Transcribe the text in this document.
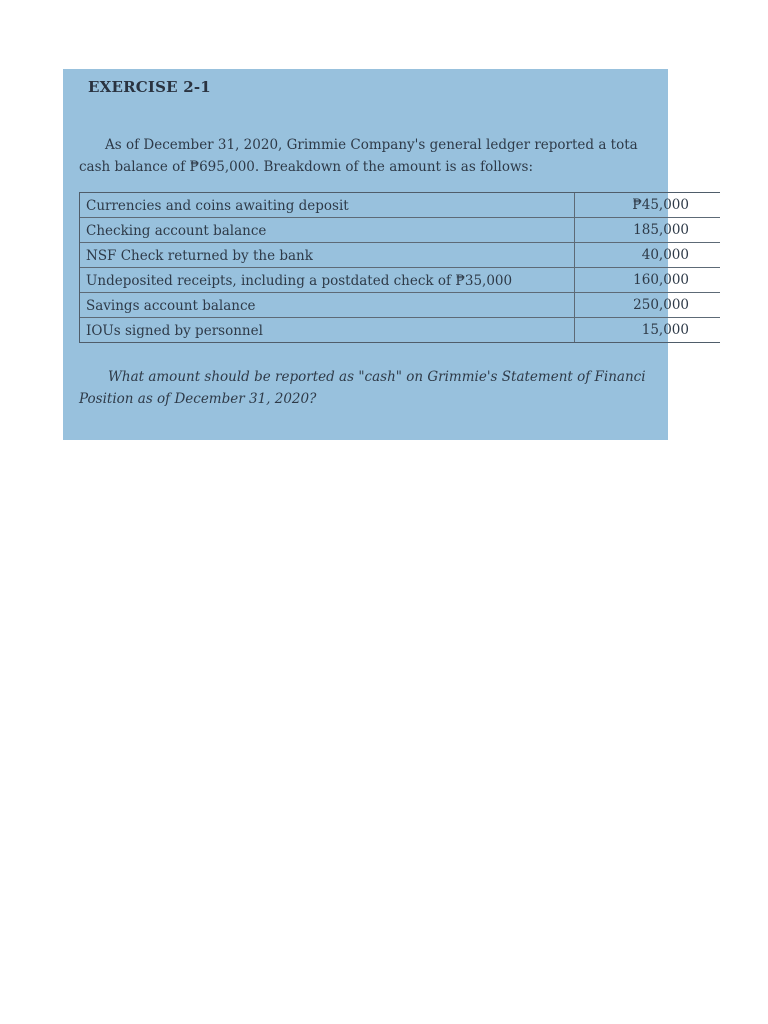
EXERCISE 2-1
As of December 31, 2020, Grimmie Company's general ledger reported a tota
cash balance of ₱695,000. Breakdown of the amount is as follows:
Currencies and coins awaiting deposit	₱45,000
Checking account balance	185,000
NSF Check returned by the bank	40,000
Undeposited receipts, including a postdated check of ₱35,000	160,000
Savings account balance	250,000
IOUs signed by personnel	15,000
What amount should be reported as "cash" on Grimmie's Statement of Financi
Position as of December 31, 2020?
